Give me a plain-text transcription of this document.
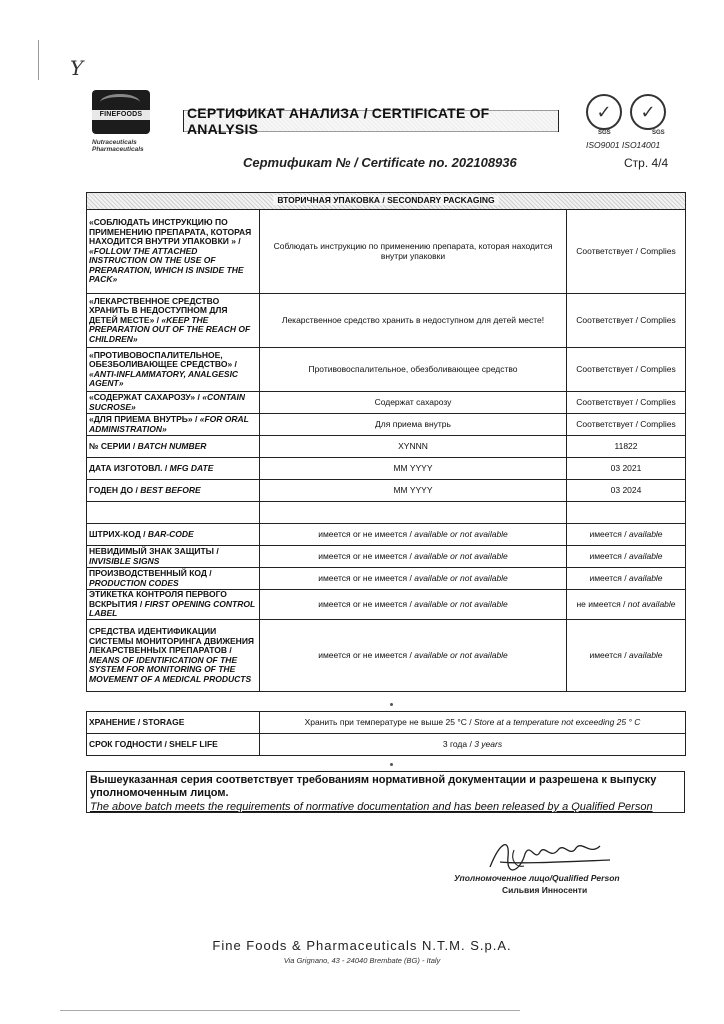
Y
FINEFOODS
Nutraceuticals Pharmaceuticals
СЕРТИФИКАТ АНАЛИЗА / CERTIFICATE OF ANALYSIS
✓	✓
SGS	SGS
ISO9001 ISO14001
Сертификат № / Certificate no. 202108936	Стр. 4/4
ВТОРИЧНАЯ УПАКОВКА / SECONDARY PACKAGING		
«СОБЛЮДАТЬ ИНСТРУКЦИЮ ПО ПРИМЕНЕНИЮ ПРЕПАРАТА, КОТОРАЯ НАХОДИТСЯ ВНУТРИ УПАКОВКИ » /
«FOLLOW THE ATTACHED INSTRUCTION ON THE USE OF PREPARATION, WHICH IS INSIDE THE PACK»	Соблюдать инструкцию по применению препарата, которая находится внутри упаковки	Соответствует / Complies
«ЛЕКАРСТВЕННОЕ СРЕДСТВО ХРАНИТЬ В НЕДОСТУПНОМ ДЛЯ ДЕТЕЙ МЕСТЕ» / «KEEP THE PREPARATION OUT OF THE REACH OF CHILDREN»	Лекарственное средство хранить в недоступном для детей месте!	Соответствует / Complies
«ПРОТИВОВОСПАЛИТЕЛЬНОЕ, ОБЕЗБОЛИВАЮЩЕЕ СРЕДСТВО» / «ANTI-INFLAMMATORY, ANALGESIC AGENT»	Противовоспалительное, обезболивающее средство	Соответствует / Complies
«СОДЕРЖАТ САХАРОЗУ» / «CONTAIN SUCROSE»	Содержат сахарозу	Соответствует / Complies
«ДЛЯ ПРИЕМА ВНУТРЬ» / «FOR ORAL ADMINISTRATION»	Для приема внутрь	Соответствует / Complies
№ СЕРИИ / BATCH NUMBER	XYNNN	11822
ДАТА ИЗГОТОВЛ. / MFG DATE	MM YYYY	03 2021
ГОДЕН ДО / BEST BEFORE	MM YYYY	03 2024

ШТРИХ-КОД / BAR-CODE	имеется or не имеется / available or not available	имеется / available
НЕВИДИМЫЙ ЗНАК ЗАЩИТЫ / INVISIBLE SIGNS	имеется or не имеется / available or not available	имеется / available
ПРОИЗВОДСТВЕННЫЙ КОД / PRODUCTION CODES	имеется or не имеется / available or not available	имеется / available
ЭТИКЕТКА КОНТРОЛЯ ПЕРВОГО ВСКРЫТИЯ / FIRST OPENING CONTROL LABEL	имеется or не имеется / available or not available	не имеется / not available
СРЕДСТВА ИДЕНТИФИКАЦИИ СИСТЕМЫ МОНИТОРИНГА ДВИЖЕНИЯ ЛЕКАРСТВЕННЫХ ПРЕПАРАТОВ / MEANS OF IDENTIFICATION OF THE SYSTEM FOR MONITORING OF THE MOVEMENT OF A MEDICAL PRODUCTS	имеется or не имеется / available or not available	имеется / available
ХРАНЕНИЕ / STORAGE	Хранить при температуре не выше 25 °C / Store at a temperature not exceeding 25 ° C
СРОК ГОДНОСТИ / SHELF LIFE	3 года / 3 years
Вышеуказанная серия соответствует требованиям нормативной документации и разрешена к выпуску уполномоченным лицом.
The above batch meets the requirements of normative documentation and has been released by a Qualified Person
Уполномоченное лицо/Qualified Person
Сильвия Инносенти
Fine Foods & Pharmaceuticals N.T.M. S.p.A.
Via Grignano, 43 - 24040 Brembate (BG) - Italy
